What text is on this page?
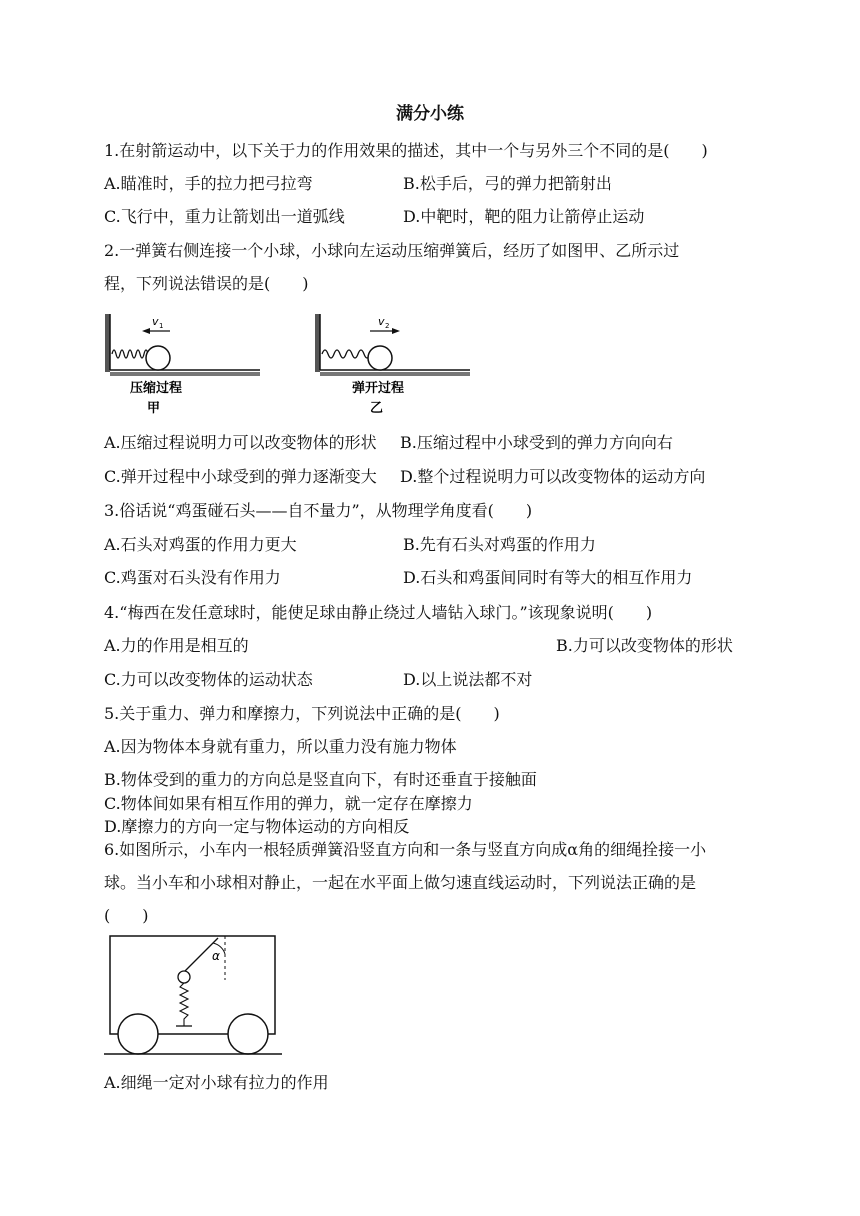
满分小练
1.在射箭运动中，以下关于力的作用效果的描述，其中一个与另外三个不同的是(　　)
A.瞄准时，手的拉力把弓拉弯	B.松手后，弓的弹力把箭射出
C.飞行中，重力让箭划出一道弧线	D.中靶时，靶的阻力让箭停止运动
2.一弹簧右侧连接一个小球，小球向左运动压缩弹簧后，经历了如图甲、乙所示过
程，下列说法错误的是(　　)
v 1
压缩过程
甲
v 2
弹开过程
乙
A.压缩过程说明力可以改变物体的形状 B.压缩过程中小球受到的弹力方向向右
C.弹开过程中小球受到的弹力逐渐变大 D.整个过程说明力可以改变物体的运动方向
3.俗话说“鸡蛋碰石头——自不量力”，从物理学角度看(　　)
A.石头对鸡蛋的作用力更大	B.先有石头对鸡蛋的作用力
C.鸡蛋对石头没有作用力	D.石头和鸡蛋间同时有等大的相互作用力
4.“梅西在发任意球时，能使足球由静止绕过人墙钻入球门。”该现象说明(　　)
A.力的作用是相互的	B.力可以改变物体的形状
C.力可以改变物体的运动状态	D.以上说法都不对
5.关于重力、弹力和摩擦力，下列说法中正确的是(　　)
A.因为物体本身就有重力，所以重力没有施力物体
B.物体受到的重力的方向总是竖直向下，有时还垂直于接触面
C.物体间如果有相互作用的弹力，就一定存在摩擦力
D.摩擦力的方向一定与物体运动的方向相反
6.如图所示，小车内一根轻质弹簧沿竖直方向和一条与竖直方向成α角的细绳拴接一小
球。当小车和小球相对静止，一起在水平面上做匀速直线运动时，下列说法正确的是
(　　)
α
A.细绳一定对小球有拉力的作用
